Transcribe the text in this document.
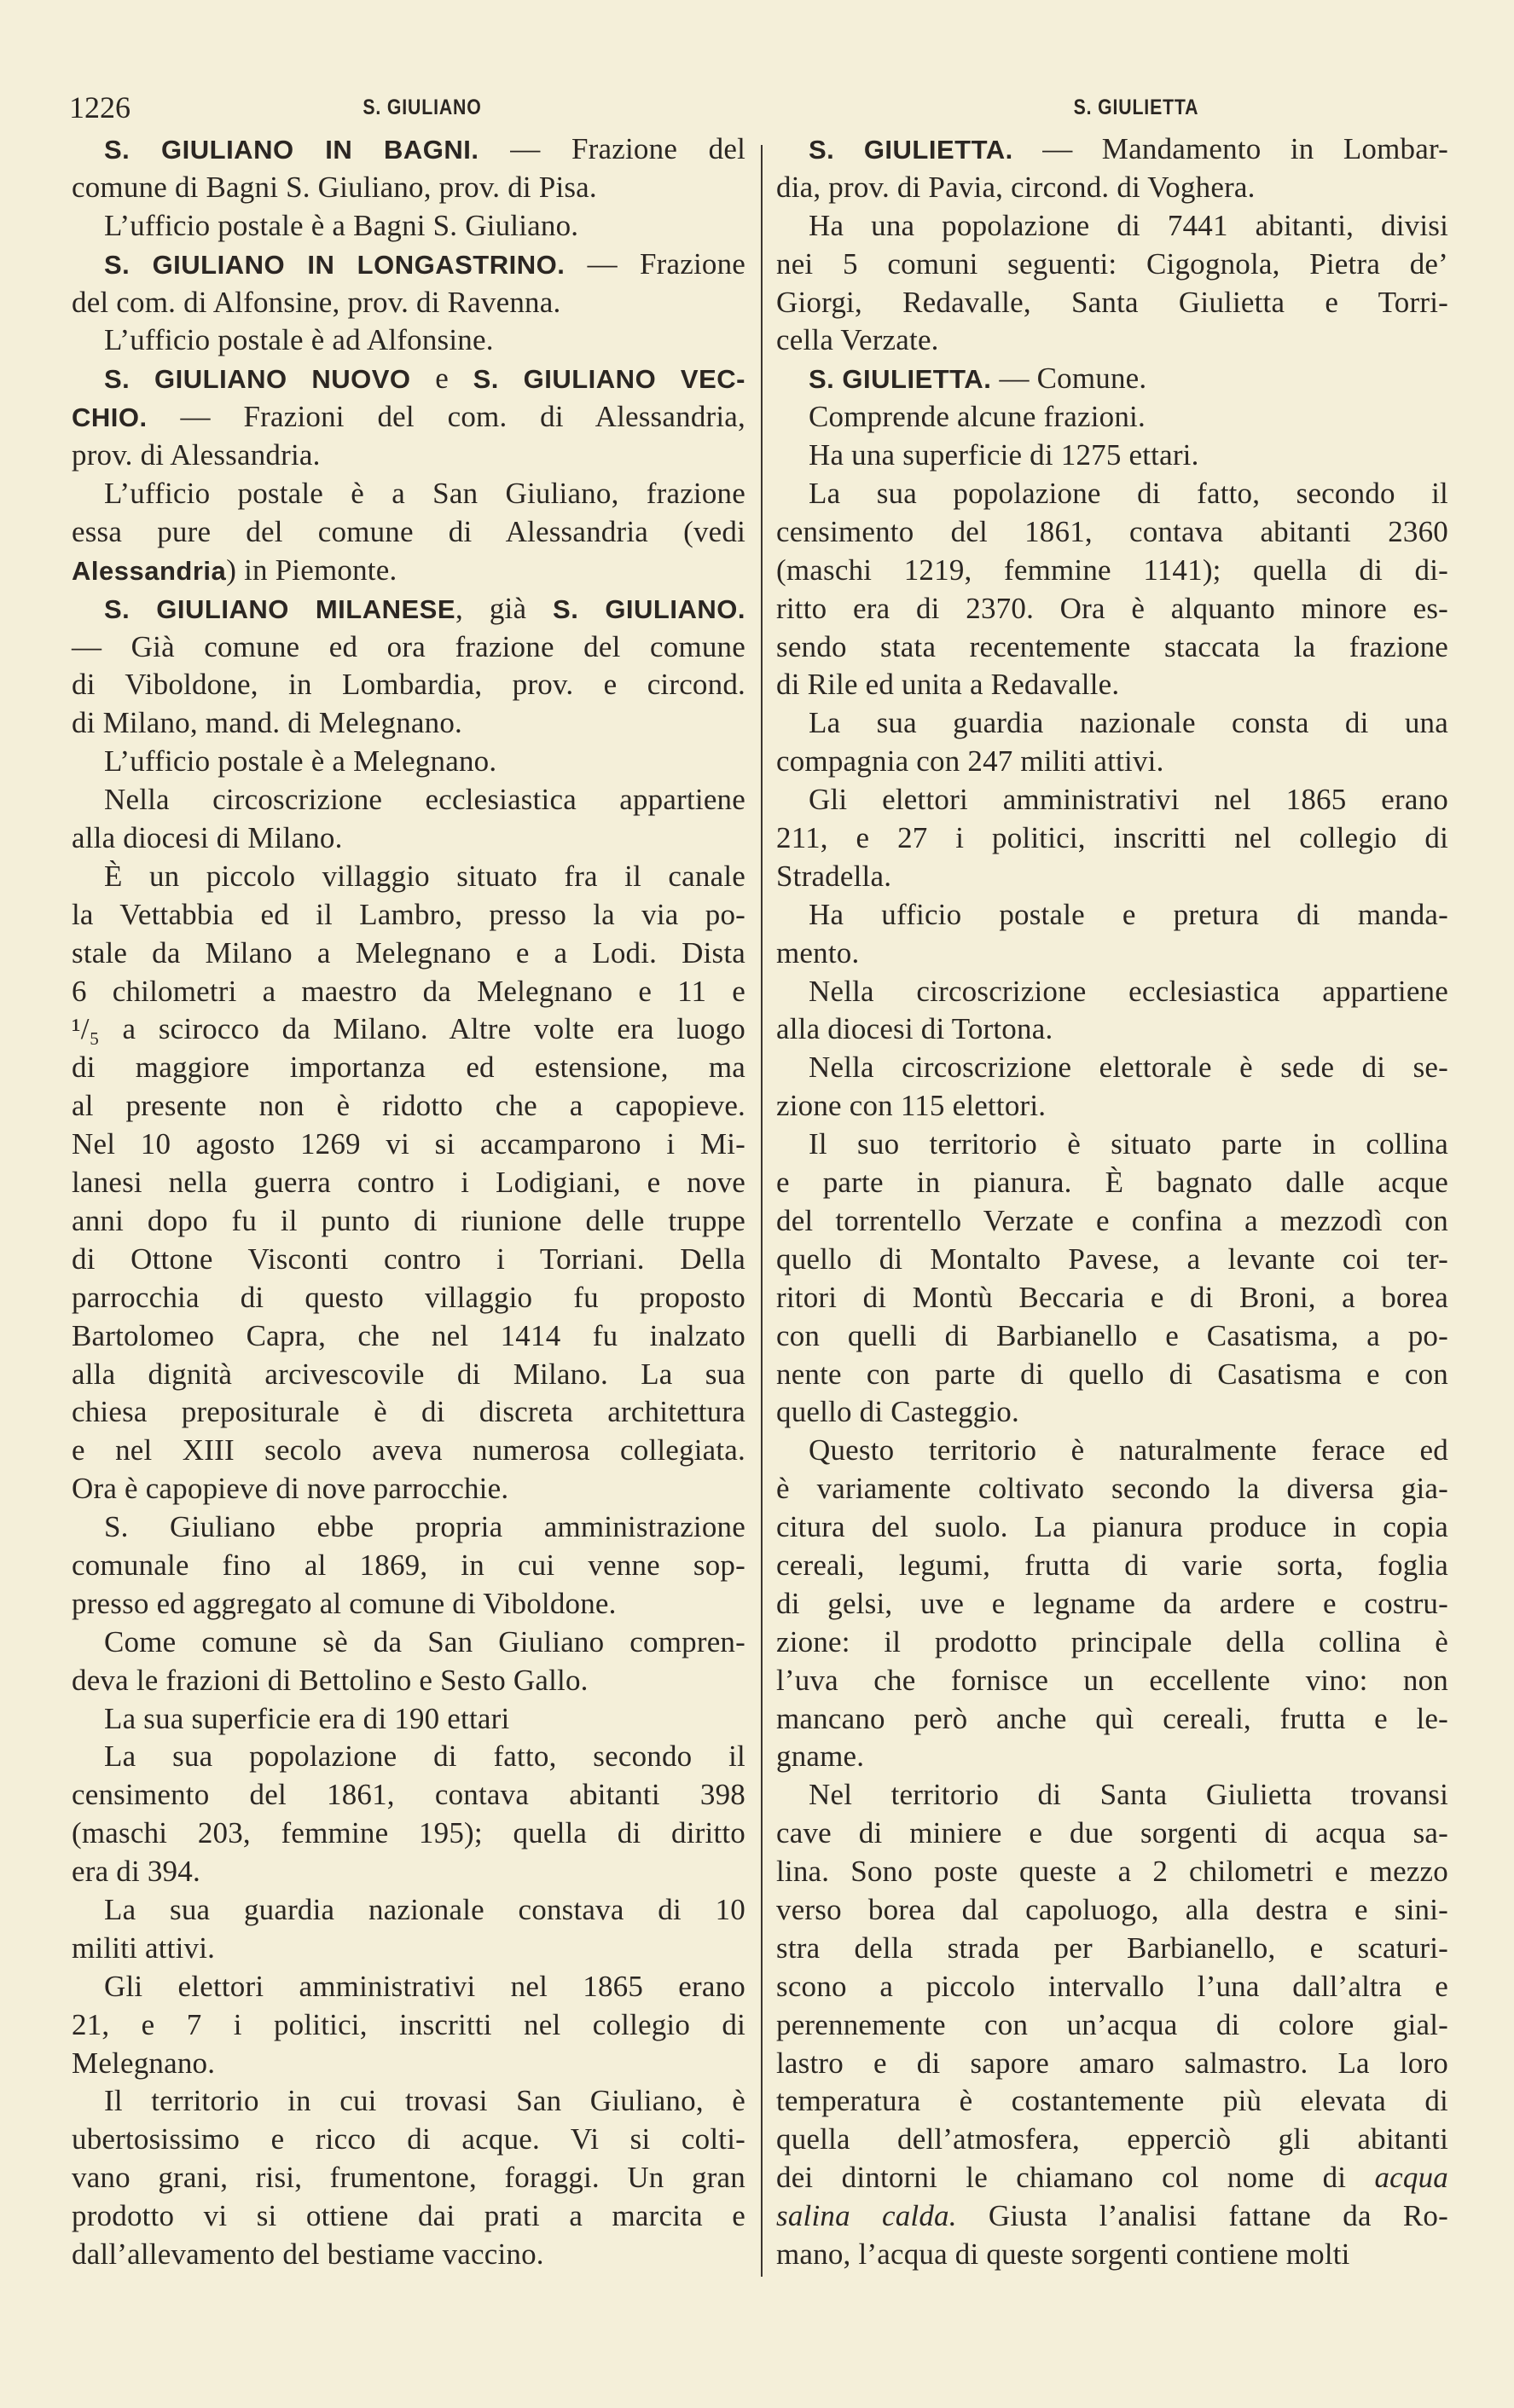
1226	S. GIULIANO	S. GIULIETTA
S. GIULIANO IN BAGNI. — Frazione del
comune di Bagni S. Giuliano, prov. di Pisa.
L’ufficio postale è a Bagni S. Giuliano.
S. GIULIANO IN LONGASTRINO. — Frazione
del com. di Alfonsine, prov. di Ravenna.
L’ufficio postale è ad Alfonsine.
S. GIULIANO NUOVO e S. GIULIANO VEC-
CHIO. — Frazioni del com. di Alessandria,
prov. di Alessandria.
L’ufficio postale è a San Giuliano, frazione
essa pure del comune di Alessandria (vedi
Alessandria) in Piemonte.
S. GIULIANO MILANESE, già S. GIULIANO.
— Già comune ed ora frazione del comune
di Viboldone, in Lombardia, prov. e circond.
di Milano, mand. di Melegnano.
L’ufficio postale è a Melegnano.
Nella circoscrizione ecclesiastica appartiene
alla diocesi di Milano.
È un piccolo villaggio situato fra il canale
la Vettabbia ed il Lambro, presso la via po-
stale da Milano a Melegnano e a Lodi. Dista
6 chilometri a maestro da Melegnano e 11 e
¹/₅ a scirocco da Milano. Altre volte era luogo
di maggiore importanza ed estensione, ma
al presente non è ridotto che a capopieve.
Nel 10 agosto 1269 vi si accamparono i Mi-
lanesi nella guerra contro i Lodigiani, e nove
anni dopo fu il punto di riunione delle truppe
di Ottone Visconti contro i Torriani. Della
parrocchia di questo villaggio fu proposto
Bartolomeo Capra, che nel 1414 fu inalzato
alla dignità arcivescovile di Milano. La sua
chiesa prepositurale è di discreta architettura
e nel XIII secolo aveva numerosa collegiata.
Ora è capopieve di nove parrocchie.
S. Giuliano ebbe propria amministrazione
comunale fino al 1869, in cui venne sop-
presso ed aggregato al comune di Viboldone.
Come comune sè da San Giuliano compren-
deva le frazioni di Bettolino e Sesto Gallo.
La sua superficie era di 190 ettari
La sua popolazione di fatto, secondo il
censimento del 1861, contava abitanti 398
(maschi 203, femmine 195); quella di diritto
era di 394.
La sua guardia nazionale constava di 10
militi attivi.
Gli elettori amministrativi nel 1865 erano
21, e 7 i politici, inscritti nel collegio di
Melegnano.
Il territorio in cui trovasi San Giuliano, è
ubertosissimo e ricco di acque. Vi si colti-
vano grani, risi, frumentone, foraggi. Un gran
prodotto vi si ottiene dai prati a marcita e
dall’allevamento del bestiame vaccino.
S. GIULIETTA. — Mandamento in Lombar-
dia, prov. di Pavia, circond. di Voghera.
Ha una popolazione di 7441 abitanti, divisi
nei 5 comuni seguenti: Cigognola, Pietra de’
Giorgi, Redavalle, Santa Giulietta e Torri-
cella Verzate.
S. GIULIETTA. — Comune.
Comprende alcune frazioni.
Ha una superficie di 1275 ettari.
La sua popolazione di fatto, secondo il
censimento del 1861, contava abitanti 2360
(maschi 1219, femmine 1141); quella di di-
ritto era di 2370. Ora è alquanto minore es-
sendo stata recentemente staccata la frazione
di Rile ed unita a Redavalle.
La sua guardia nazionale consta di una
compagnia con 247 militi attivi.
Gli elettori amministrativi nel 1865 erano
211, e 27 i politici, inscritti nel collegio di
Stradella.
Ha ufficio postale e pretura di manda-
mento.
Nella circoscrizione ecclesiastica appartiene
alla diocesi di Tortona.
Nella circoscrizione elettorale è sede di se-
zione con 115 elettori.
Il suo territorio è situato parte in collina
e parte in pianura. È bagnato dalle acque
del torrentello Verzate e confina a mezzodì con
quello di Montalto Pavese, a levante coi ter-
ritori di Montù Beccaria e di Broni, a borea
con quelli di Barbianello e Casatisma, a po-
nente con parte di quello di Casatisma e con
quello di Casteggio.
Questo territorio è naturalmente ferace ed
è variamente coltivato secondo la diversa gia-
citura del suolo. La pianura produce in copia
cereali, legumi, frutta di varie sorta, foglia
di gelsi, uve e legname da ardere e costru-
zione: il prodotto principale della collina è
l’uva che fornisce un eccellente vino: non
mancano però anche quì cereali, frutta e le-
gname.
Nel territorio di Santa Giulietta trovansi
cave di miniere e due sorgenti di acqua sa-
lina. Sono poste queste a 2 chilometri e mezzo
verso borea dal capoluogo, alla destra e sini-
stra della strada per Barbianello, e scaturi-
scono a piccolo intervallo l’una dall’altra e
perennemente con un’acqua di colore gial-
lastro e di sapore amaro salmastro. La loro
temperatura è costantemente più elevata di
quella dell’atmosfera, epperciò gli abitanti
dei dintorni le chiamano col nome di acqua
salina calda. Giusta l’analisi fattane da Ro-
mano, l’acqua di queste sorgenti contiene molti
